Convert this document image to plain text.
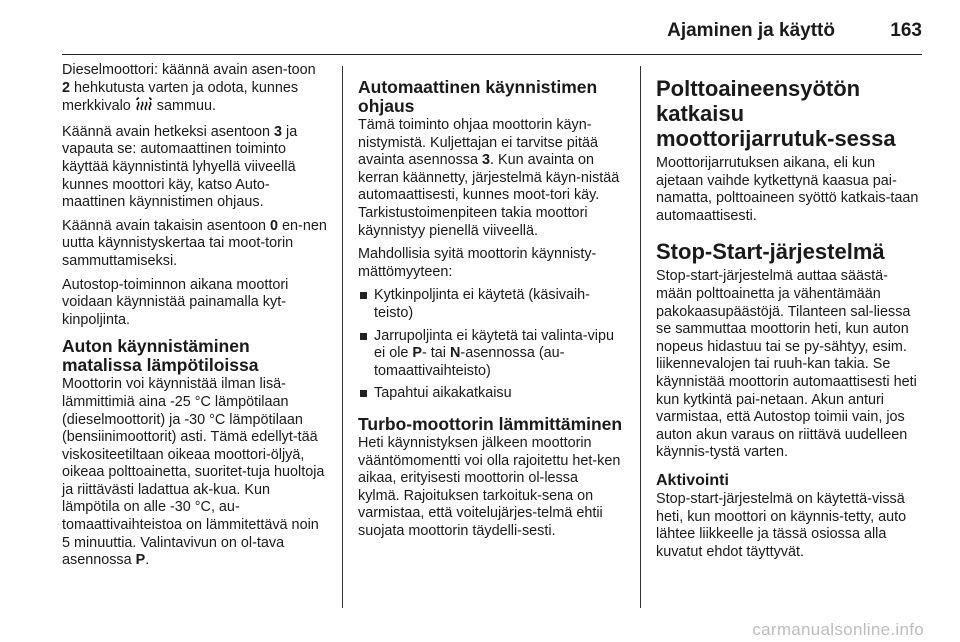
Ajaminen ja käyttö	163

Dieselmoottori: käännä avain asen-toon 2 hehkutusta varten ja odota, kunnes merkkivalo  sammuu.

Käännä avain hetkeksi asentoon 3 ja vapauta se: automaattinen toiminto käyttää käynnistintä lyhyellä viiveellä kunnes moottori käy, katso Auto-maattinen käynnistimen ohjaus.

Käännä avain takaisin asentoon 0 en-nen uutta käynnistyskertaa tai moot-torin sammuttamiseksi.

Autostop-toiminnon aikana moottori voidaan käynnistää painamalla kyt-kinpoljinta.

Auton käynnistäminen matalissa lämpötiloissa

Moottorin voi käynnistää ilman lisä-lämmittimiä aina -25 °C lämpötilaan (dieselmoottorit) ja -30 °C lämpötilaan (bensiinimoottorit) asti. Tämä edellyt-tää viskositeetiltaan oikeaa moottori-öljyä, oikeaa polttoainetta, suoritet-tuja huoltoja ja riittävästi ladattua ak-kua. Kun lämpötila on alle -30 °C, au-tomaattivaihteistoa on lämmitettävä noin 5 minuuttia. Valintavivun on ol-tava asennossa P.

Automaattinen käynnistimen ohjaus

Tämä toiminto ohjaa moottorin käyn-nistymistä. Kuljettajan ei tarvitse pitää avainta asennossa 3. Kun avainta on kerran käännetty, järjestelmä käyn-nistää automaattisesti, kunnes moot-tori käy. Tarkistustoimenpiteen takia moottori käynnistyy pienellä viiveellä.

Mahdollisia syitä moottorin käynnisty-mättömyyteen:

Kytkinpoljinta ei käytetä (käsivaih-teisto)
Jarrupoljinta ei käytetä tai valinta-vipu ei ole P- tai N-asennossa (au-tomaattivaihteisto)
Tapahtui aikakatkaisu
Turbo-moottorin lämmittäminen

Heti käynnistyksen jälkeen moottorin vääntömomentti voi olla rajoitettu het-ken aikaa, erityisesti moottorin ol-lessa kylmä. Rajoituksen tarkoituk-sena on varmistaa, että voitelujärjes-telmä ehtii suojata moottorin täydelli-sesti.

Polttoaineensyötön katkaisu moottorijarrutuk-sessa

Moottorijarrutuksen aikana, eli kun ajetaan vaihde kytkettynä kaasua pai-namatta, polttoaineen syöttö katkais-taan automaattisesti.

Stop-Start-järjestelmä

Stop-start-järjestelmä auttaa säästä-mään polttoainetta ja vähentämään pakokaasupäästöjä. Tilanteen sal-liessa se sammuttaa moottorin heti, kun auton nopeus hidastuu tai se py-sähtyy, esim. liikennevalojen tai ruuh-kan takia. Se käynnistää moottorin automaattisesti heti kun kytkintä pai-netaan. Akun anturi varmistaa, että Autostop toimii vain, jos auton akun varaus on riittävä uudelleen käynnis-tystä varten.

Aktivointi

Stop-start-järjestelmä on käytettä-vissä heti, kun moottori on käynnis-tetty, auto lähtee liikkeelle ja tässä osiossa alla kuvatut ehdot täyttyvät.

carmanualsonline.info
